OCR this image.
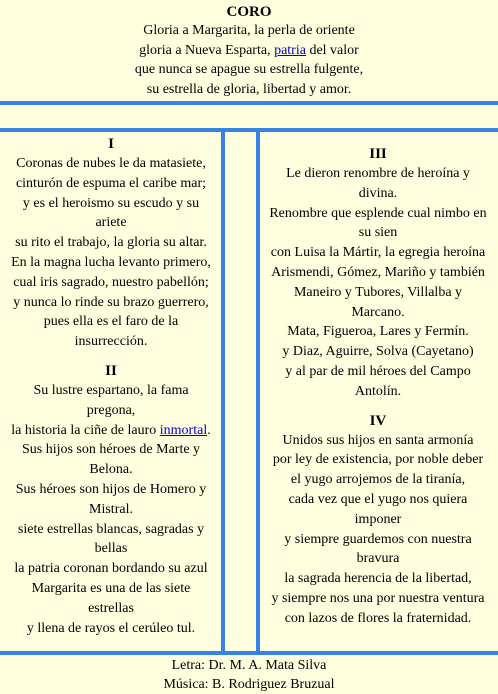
CORO
Gloria a Margarita, la perla de oriente
gloria a Nueva Esparta, patria del valor
que nunca se apague su estrella fulgente,
su estrella de gloria, libertad y amor.
I
Coronas de nubes le da matasiete,
cinturón de espuma el caribe mar;
y es el heroismo su escudo y su
ariete
su rito el trabajo, la gloria su altar.
En la magna lucha levanto primero,
cual iris sagrado, nuestro pabellón;
y nunca lo rinde su brazo guerrero,
pues ella es el faro de la
insurrección.
II
Su lustre espartano, la fama
pregona,
la historia la ciñe de lauro inmortal.
Sus hijos son héroes de Marte y
Belona.
Sus héroes son hijos de Homero y
Mistral.
siete estrellas blancas, sagradas y
bellas
la patria coronan bordando su azul
Margarita es una de las siete
estrellas
y llena de rayos el cerúleo tul.
III
Le dieron renombre de heroína y
divina.
Renombre que esplende cual nimbo en
su sien
con Luisa la Mártir, la egregia heroína
Arismendi, Gómez, Mariño y también
Maneiro y Tubores, Villalba y
Marcano.
Mata, Figueroa, Lares y Fermín.
y Diaz, Aguirre, Solva (Cayetano)
y al par de mil héroes del Campo
Antolín.
IV
Unidos sus hijos en santa armonía
por ley de existencia, por noble deber
el yugo arrojemos de la tiranía,
cada vez que el yugo nos quiera
imponer
y siempre guardemos con nuestra
bravura
la sagrada herencia de la libertad,
y siempre nos una por nuestra ventura
con lazos de flores la fraternidad.
Letra: Dr. M. A. Mata Silva
Música: B. Rodriguez Bruzual
